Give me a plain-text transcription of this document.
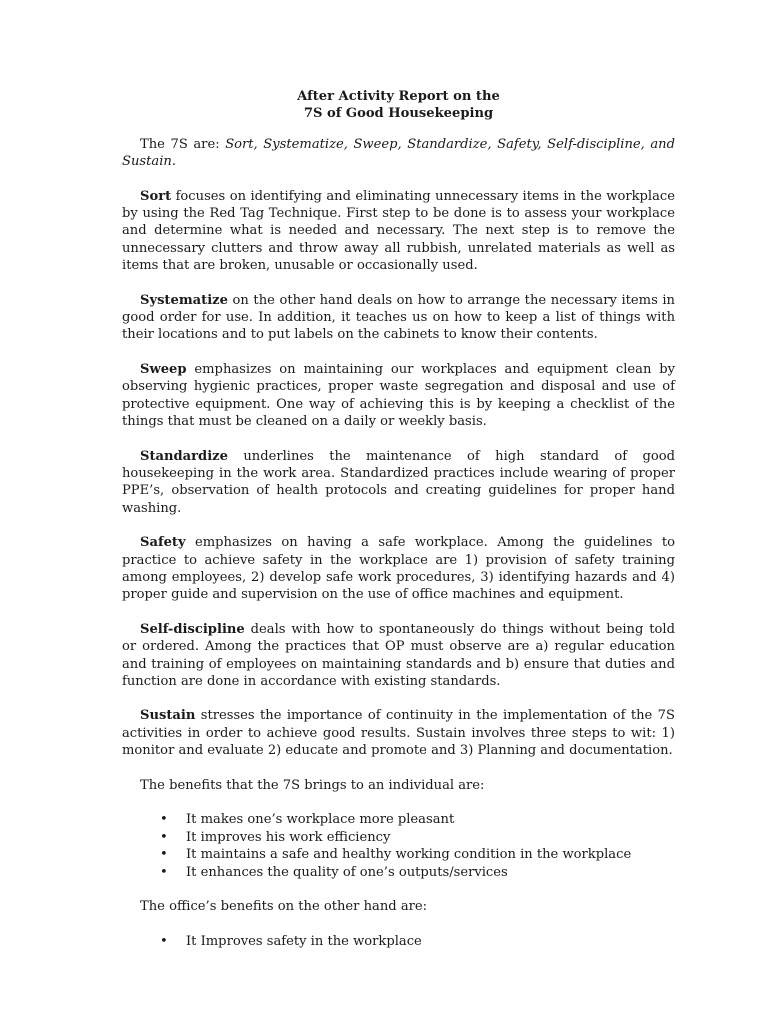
After Activity Report on the
7S of Good Housekeeping

The 7S are: Sort, Systematize, Sweep, Standardize, Safety, Self-discipline, and Sustain.

Sort focuses on identifying and eliminating unnecessary items in the workplace by using the Red Tag Technique. First step to be done is to assess your workplace and determine what is needed and necessary. The next step is to remove the unnecessary clutters and throw away all rubbish, unrelated materials as well as items that are broken, unusable or occasionally used.

Systematize on the other hand deals on how to arrange the necessary items in good order for use. In addition, it teaches us on how to keep a list of things with their locations and to put labels on the cabinets to know their contents.

Sweep emphasizes on maintaining our workplaces and equipment clean by observing hygienic practices, proper waste segregation and disposal and use of protective equipment. One way of achieving this is by keeping a checklist of the things that must be cleaned on a daily or weekly basis.

Standardize underlines the maintenance of high standard of good housekeeping in the work area. Standardized practices include wearing of proper PPE’s, observation of health protocols and creating guidelines for proper hand washing.

Safety emphasizes on having a safe workplace. Among the guidelines to practice to achieve safety in the workplace are 1) provision of safety training among employees, 2) develop safe work procedures, 3) identifying hazards and 4) proper guide and supervision on the use of office machines and equipment.

Self-discipline deals with how to spontaneously do things without being told or ordered. Among the practices that OP must observe are a) regular education and training of employees on maintaining standards and b) ensure that duties and function are done in accordance with existing standards.

Sustain stresses the importance of continuity in the implementation of the 7S activities in order to achieve good results. Sustain involves three steps to wit: 1) monitor and evaluate 2) educate and promote and 3) Planning and documentation.

The benefits that the 7S brings to an individual are:

• It makes one’s workplace more pleasant
• It improves his work efficiency
• It maintains a safe and healthy working condition in the workplace
• It enhances the quality of one’s outputs/services

The office’s benefits on the other hand are:

• It Improves safety in the workplace
